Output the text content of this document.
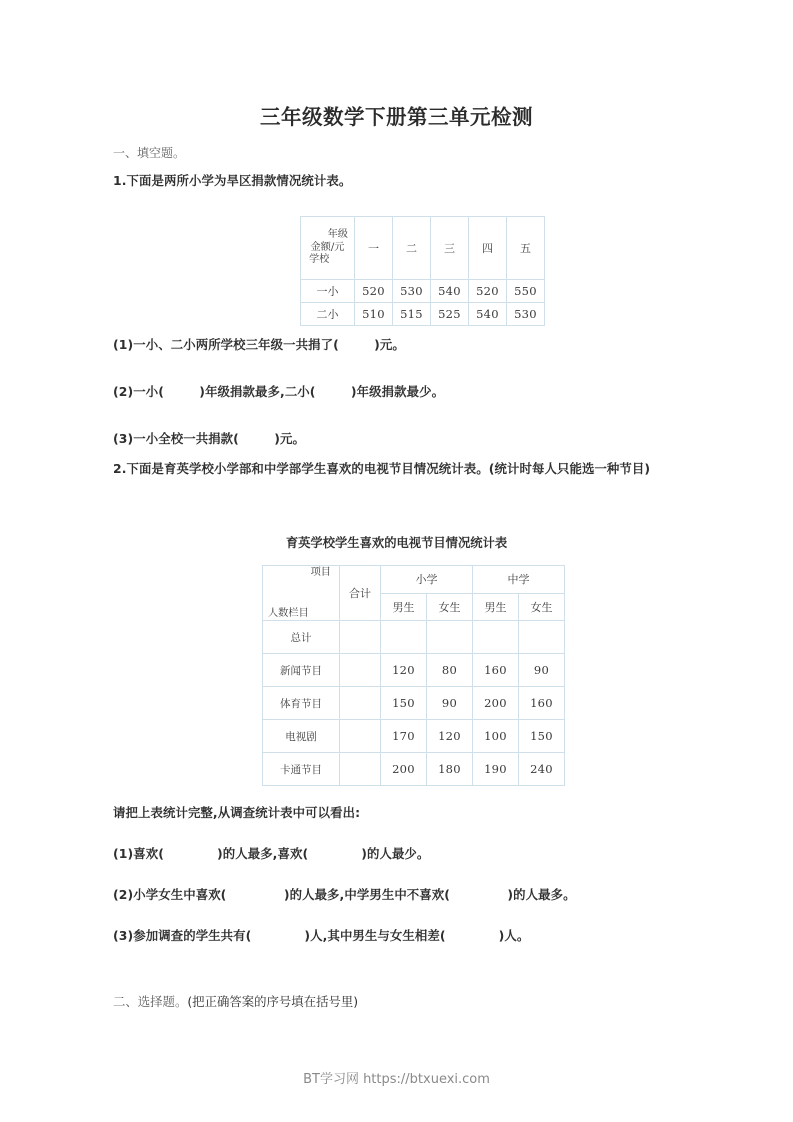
三年级数学下册第三单元检测
一、填空题。
1.下面是两所小学为旱区捐款情况统计表。
年级
金额/元
学校	一	二	三	四	五
一小	520	530	540	520	550
二小	510	515	525	540	530
(1)一小、二小两所学校三年级一共捐了(        )元。
(2)一小(        )年级捐款最多,二小(        )年级捐款最少。
(3)一小全校一共捐款(        )元。
2.下面是育英学校小学部和中学部学生喜欢的电视节目情况统计表。(统计时每人只能选一种节目)
育英学校学生喜欢的电视节目情况统计表
项目
人数栏目	合计	小学		中学	
		男生	女生	男生	女生
总计					
新闻节目		120	80	160	90
体育节目		150	90	200	160
电视剧		170	120	100	150
卡通节目		200	180	190	240
请把上表统计完整,从调查统计表中可以看出:
(1)喜欢(            )的人最多,喜欢(            )的人最少。
(2)小学女生中喜欢(             )的人最多,中学男生中不喜欢(             )的人最多。
(3)参加调查的学生共有(            )人,其中男生与女生相差(            )人。
二、选择题。(把正确答案的序号填在括号里)
BT学习网 https://btxuexi.com
